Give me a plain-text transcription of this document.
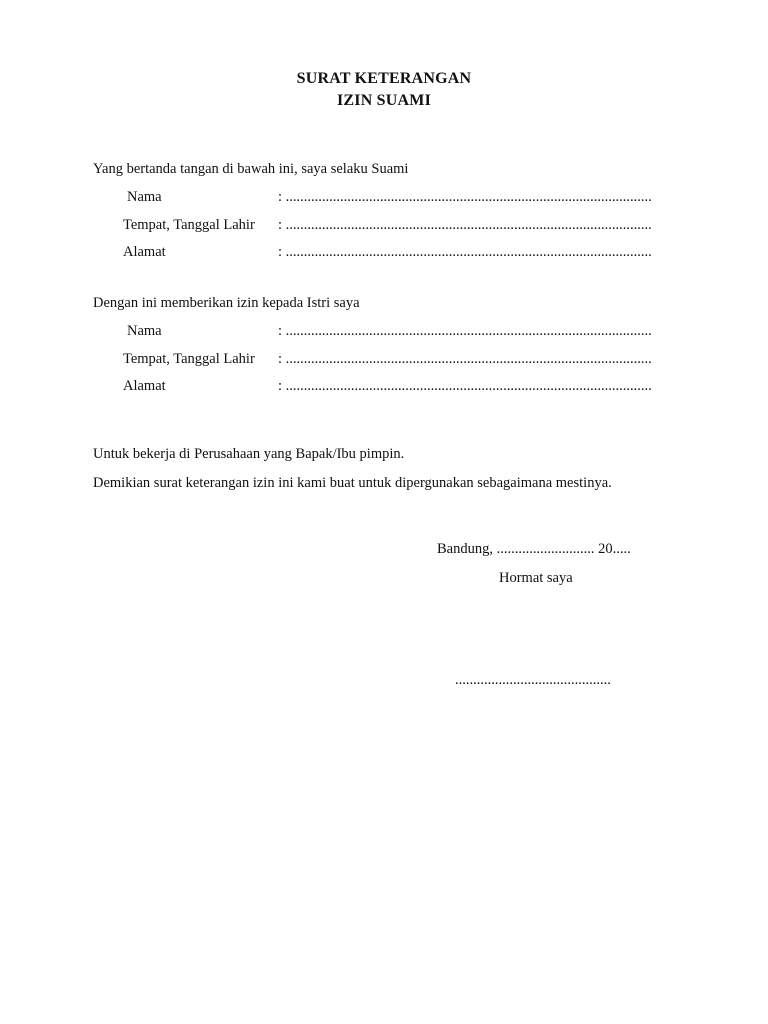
SURAT KETERANGAN
IZIN SUAMI
Yang bertanda tangan di bawah ini, saya selaku Suami
Nama	: .....................................................................................................
Tempat, Tanggal Lahir : .....................................................................................................
Alamat	: .....................................................................................................
Dengan ini memberikan izin kepada Istri saya
Nama	: .....................................................................................................
Tempat, Tanggal Lahir : .....................................................................................................
Alamat	: .....................................................................................................
Untuk bekerja di Perusahaan yang Bapak/Ibu pimpin.
Demikian surat keterangan izin ini kami buat untuk dipergunakan sebagaimana mestinya.
Bandung, ........................... 20.....
Hormat saya
...........................................
